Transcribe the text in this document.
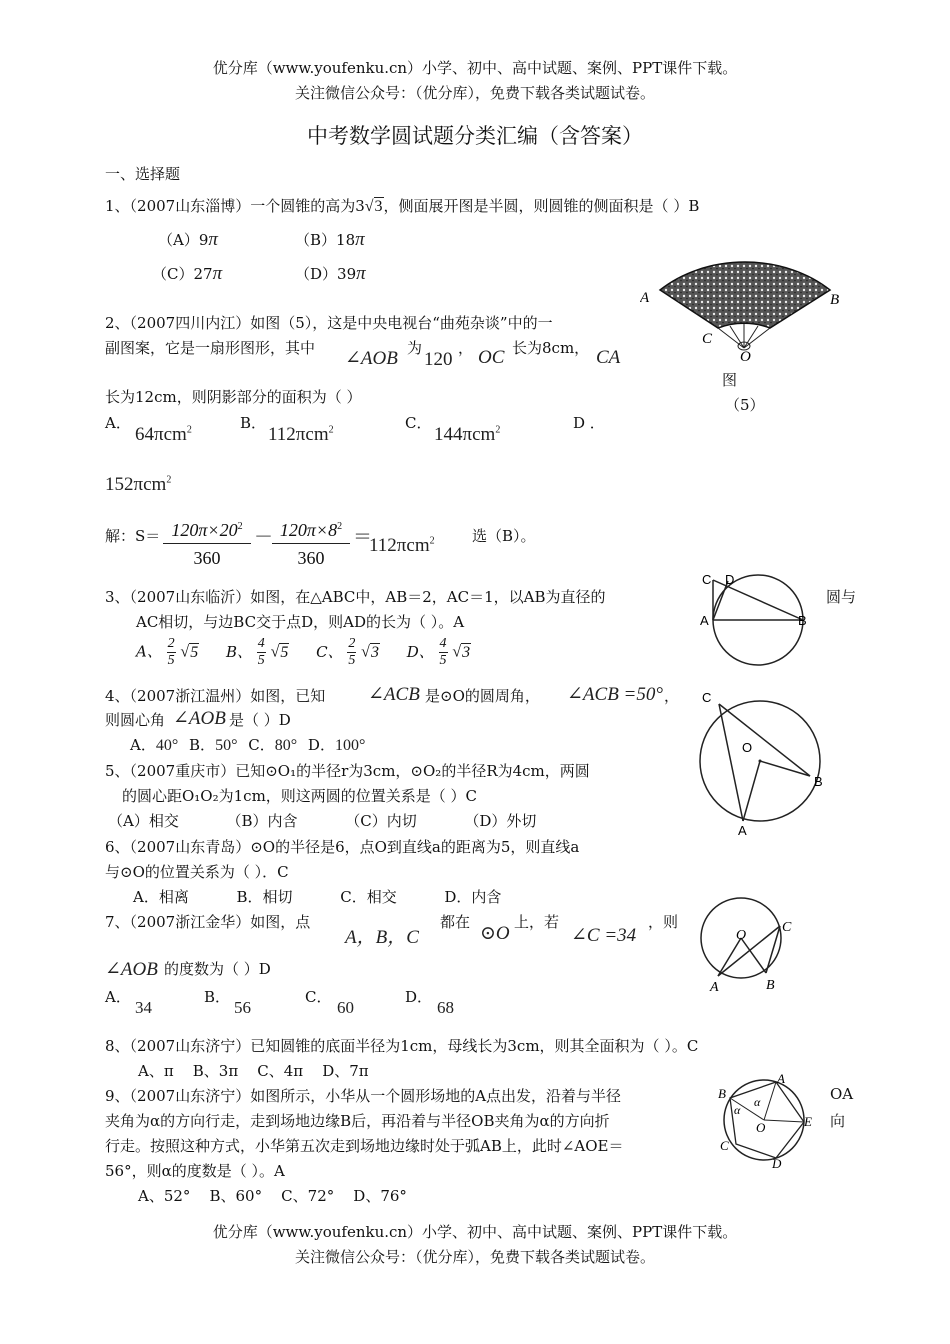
优分库（www.youfenku.cn）小学、初中、高中试题、案例、PPT课件下载。
关注微信公众号：（优分库），免费下载各类试题试卷。
中考数学圆试题分类汇编（含答案）
一、选择题
1、（2007山东淄博）一个圆锥的高为3√3，侧面展开图是半圆，则圆锥的侧面积是（ ）B
（A）9π	（B）18π
（C）27π	（D）39π
A	B
C
O
图
（5）
2、（2007四川内江）如图（5），这是中央电视台“曲苑杂谈”中的一
副图案，它是一扇形图形，其中 ∠AOB 为
120
， OC 长为8cm， CA
长为12cm，则阴影部分的面积为（ ）
A．
64πcm$^2$	B．
112πcm$^2$	C．
144πcm$^2$	D ．
152πcm$^2$
解：$S= 120\pi\times 20^2$
360
－ $120\pi\times 8^2$
360
＝
112πcm$^2$ 选（B）。
3、（2007山东临沂）如图，在△ABC中，AB＝2，AC＝1，以AB为直径的	圆与
AC相切，与边BC交于点D，则AD的长为（ ）。A
A、 $\frac{2}{5} √5$ B、 $\frac{4}{5} √5$ C、 $\frac{2}{5} √3$ D、 $\frac{4}{5} √3$
C D
A	B
4、（2007浙江温州）如图，已知 ∠ACB 是⊙O的圆周角， ∠ACB =50° ，
则圆心角 ∠AOB 是（ ）D
A．40° B．50° C．80° D．100°
C
O
B
A
5、（2007重庆市）已知⊙O₁的半径r为3cm，⊙O₂的半径R为4cm，两圆
的圆心距O₁O₂为1cm，则这两圆的位置关系是（ ）C
（A）相交          （B）内含          （C）内切          （D）外切
6、（2007山东青岛）⊙O的半径是6，点O到直线a的距离为5，则直线a
与⊙O的位置关系为（ ）．C
A．相离          B．相切          C．相交          D．内含
7、（2007浙江金华）如图，点
A，B，C
都在
⊙O
上，若
∠C =34
，则
∠AOB 的度数为（ ）D
A．
34
B．
56
C．
60
D．
68
O
C
A	B
8、（2007山东济宁）已知圆锥的底面半径为1cm，母线长为3cm，则其全面积为（ ）。C
A、π    B、3π    C、4π    D、7π
9、（2007山东济宁）如图所示，小华从一个圆形场地的A点出发，沿着与半径	OA
夹角为α的方向行走，走到场地边缘B后，再沿着与半径OB夹角为α的方向折	向
行走。按照这种方式，小华第五次走到场地边缘时处于弧AB上，此时∠AOE＝
56°，则α的度数是（ ）。A
A、52°    B、60°    C、72°    D、76°
A
B
C
D
E
O
α
α
优分库（www.youfenku.cn）小学、初中、高中试题、案例、PPT课件下载。
关注微信公众号：（优分库），免费下载各类试题试卷。
